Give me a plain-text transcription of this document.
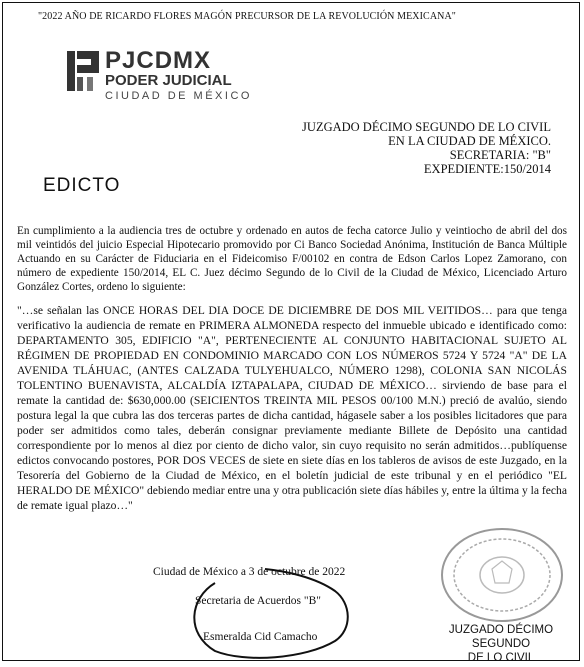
"2022 AÑO DE RICARDO FLORES MAGÓN PRECURSOR DE LA REVOLUCIÓN MEXICANA"
PJCDMX
PODER JUDICIAL
CIUDAD DE MÉXICO
JUZGADO DÉCIMO SEGUNDO DE LO CIVIL
EN LA CIUDAD DE MÉXICO.
SECRETARIA: "B"
EXPEDIENTE:150/2014
EDICTO

En cumplimiento a la audiencia tres de octubre y ordenado en autos de fecha catorce Julio y veintiocho de abril del dos mil veintidós del juicio Especial Hipotecario promovido por Ci Banco Sociedad Anónima, Institución de Banca Múltiple Actuando en su Carácter de Fiduciaria en el Fideicomiso F/00102 en contra de Edson Carlos Lopez Zamorano, con número de expediente 150/2014, EL C. Juez décimo Segundo de lo Civil de la Ciudad de México, Licenciado Arturo González Cortes, ordeno lo siguiente:

"…se señalan las ONCE HORAS DEL DIA DOCE DE DICIEMBRE DE DOS MIL VEITIDOS… para que tenga verificativo la audiencia de remate en PRIMERA ALMONEDA respecto del inmueble ubicado e identificado como: DEPARTAMENTO 305, EDIFICIO "A", PERTENECIENTE AL CONJUNTO HABITACIONAL SUJETO AL RÉGIMEN DE PROPIEDAD EN CONDOMINIO MARCADO CON LOS NÚMEROS 5724 Y 5724 "A" DE LA AVENIDA TLÁHUAC, (ANTES CALZADA TULYEHUALCO, NÚMERO 1298), COLONIA SAN NICOLÁS TOLENTINO BUENAVISTA, ALCALDÍA IZTAPALAPA, CIUDAD DE MÉXICO… sirviendo de base para el remate la cantidad de: $630,000.00 (SEICIENTOS TREINTA MIL PESOS 00/100 M.N.) preció de avalúo, siendo postura legal la que cubra las dos terceras partes de dicha cantidad, hágasele saber a los posibles licitadores que para poder ser admitidos como tales, deberán consignar previamente mediante Billete de Depósito una cantidad correspondiente por lo menos al diez por ciento de dicho valor, sin cuyo requisito no serán admitidos…publíquense edictos convocando postores, POR DOS VECES de siete en siete días en los tableros de avisos de este Juzgado, en la Tesorería del Gobierno de la Ciudad de México, en el boletín judicial de este tribunal y en el periódico "EL HERALDO DE MÉXICO" debiendo mediar entre una y otra publicación siete días hábiles y, entre la última y la fecha de remate igual plazo…"

Ciudad de México a 3 de octubre de 2022
Secretaria de Acuerdos "B"
Esmeralda Cid Camacho
JUZGADO DÉCIMO SEGUNDO
DE LO CIVIL
